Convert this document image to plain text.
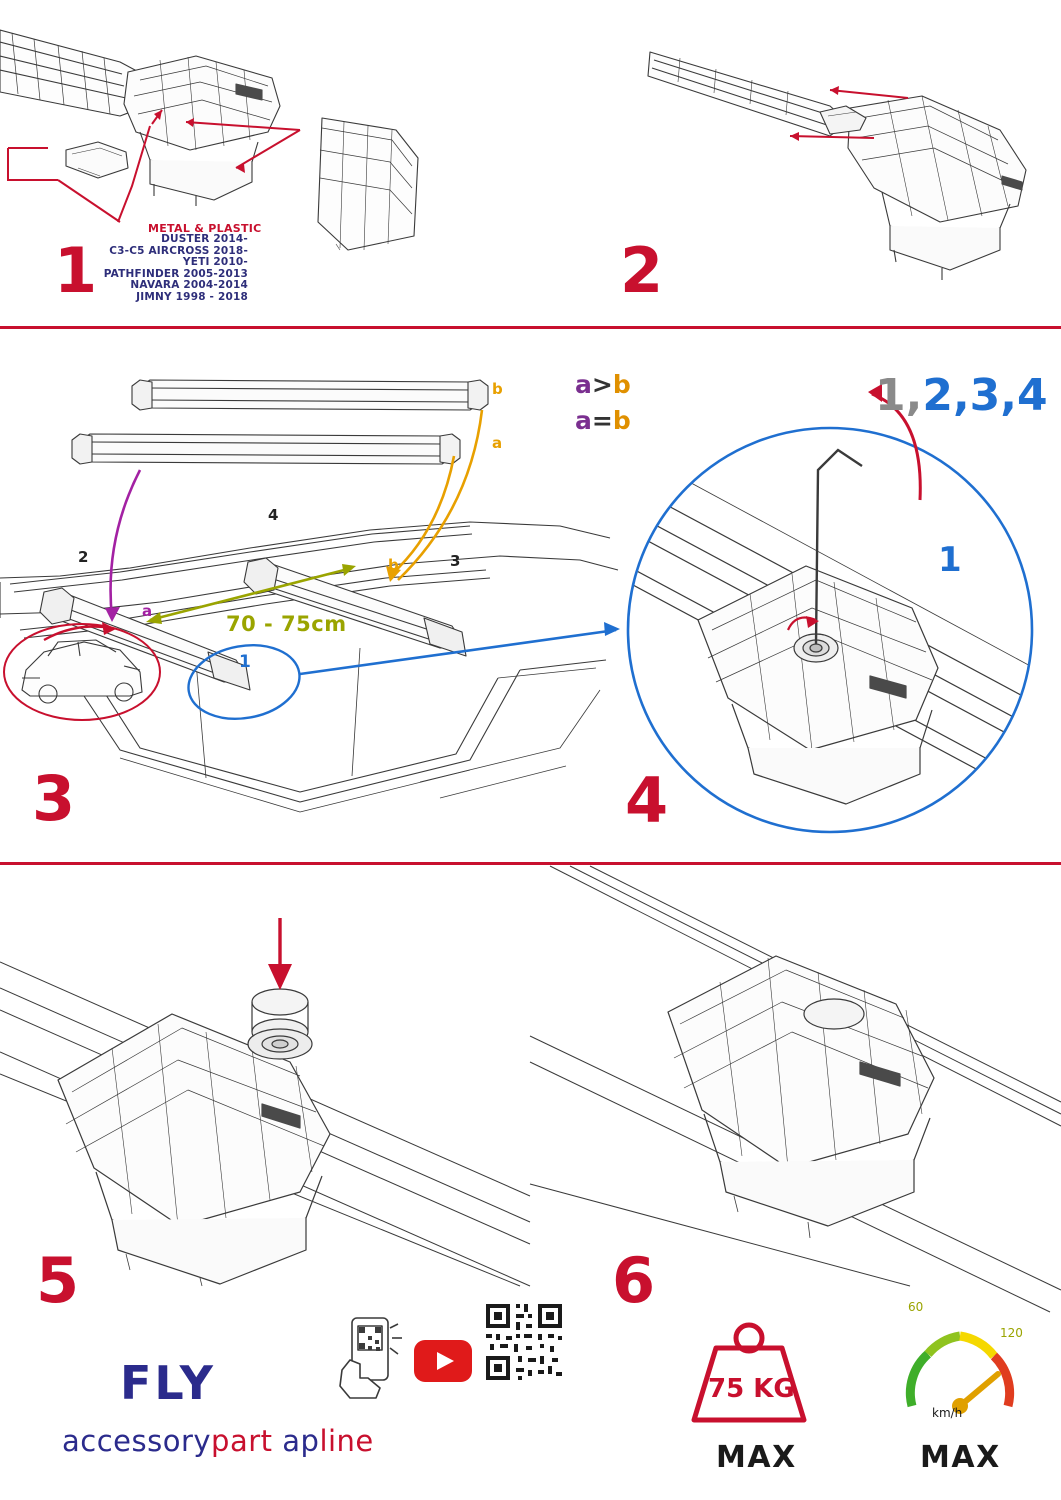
METAL & PLASTIC
DUSTER 2014-
C3-C5 AIRCROSS 2018-
YETI 2010-
PATHFINDER 2005-2013
NAVARA 2004-2014
JIMNY 1998 - 2018
1	2
b
a
a
b
2
4
3
1
70 - 75cm
3
a>b
a=b	1,2,3,4
1
4
5	6
FLY
accessorypart apline
75 KG
MAX
60
120
km/h
MAX
